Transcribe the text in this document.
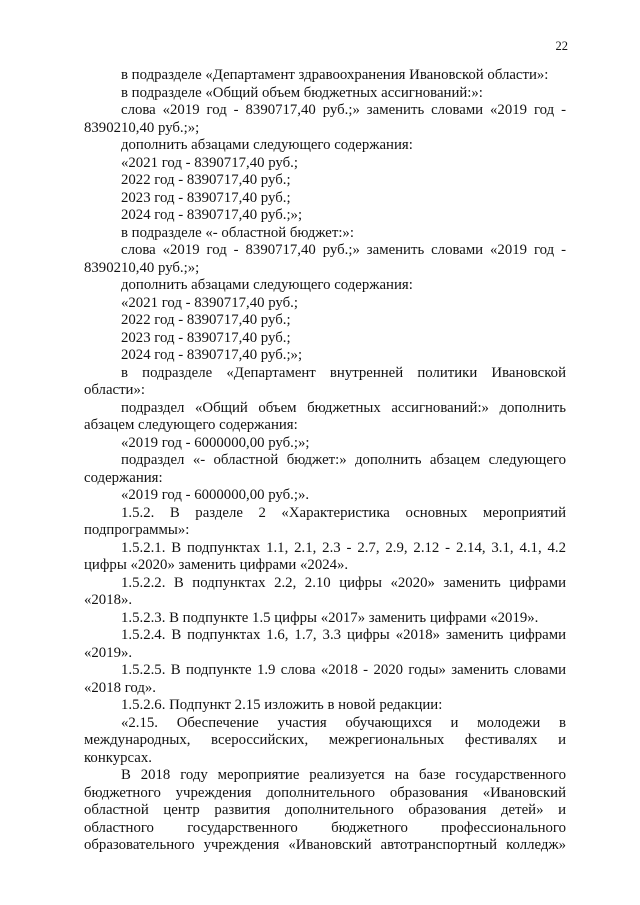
22

в подразделе «Департамент здравоохранения Ивановской области»:

в подразделе «Общий объем бюджетных ассигнований:»:

слова «2019 год - 8390717,40 руб.;» заменить словами «2019 год - 8390210,40 руб.;»;

дополнить абзацами следующего содержания:

«2021 год - 8390717,40 руб.;

2022 год - 8390717,40 руб.;

2023 год - 8390717,40 руб.;

2024 год - 8390717,40 руб.;»;

в подразделе «- областной бюджет:»:

слова «2019 год - 8390717,40 руб.;» заменить словами «2019 год - 8390210,40 руб.;»;

дополнить абзацами следующего содержания:

«2021 год - 8390717,40 руб.;

2022 год - 8390717,40 руб.;

2023 год - 8390717,40 руб.;

2024 год - 8390717,40 руб.;»;

в подразделе «Департамент внутренней политики Ивановской области»:

подраздел «Общий объем бюджетных ассигнований:» дополнить абзацем следующего содержания:

«2019 год - 6000000,00 руб.;»;

подраздел «- областной бюджет:» дополнить абзацем следующего содержания:

«2019 год - 6000000,00 руб.;».

1.5.2. В разделе 2 «Характеристика основных мероприятий подпрограммы»:

1.5.2.1. В подпунктах 1.1, 2.1, 2.3 - 2.7, 2.9, 2.12 - 2.14, 3.1, 4.1, 4.2 цифры «2020» заменить цифрами «2024».

1.5.2.2. В подпунктах 2.2, 2.10 цифры «2020» заменить цифрами «2018».

1.5.2.3. В подпункте 1.5 цифры «2017» заменить цифрами «2019».

1.5.2.4. В подпунктах 1.6, 1.7, 3.3 цифры «2018» заменить цифрами «2019».

1.5.2.5. В подпункте 1.9 слова «2018 - 2020 годы» заменить словами «2018 год».

1.5.2.6. Подпункт 2.15 изложить в новой редакции:

«2.15. Обеспечение участия обучающихся и молодежи в международных, всероссийских, межрегиональных фестивалях и конкурсах.

В 2018 году мероприятие реализуется на базе государственного бюджетного учреждения дополнительного образования «Ивановский областной центр развития дополнительного образования детей» и областного государственного бюджетного профессионального образовательного учреждения «Ивановский автотранспортный колледж»
